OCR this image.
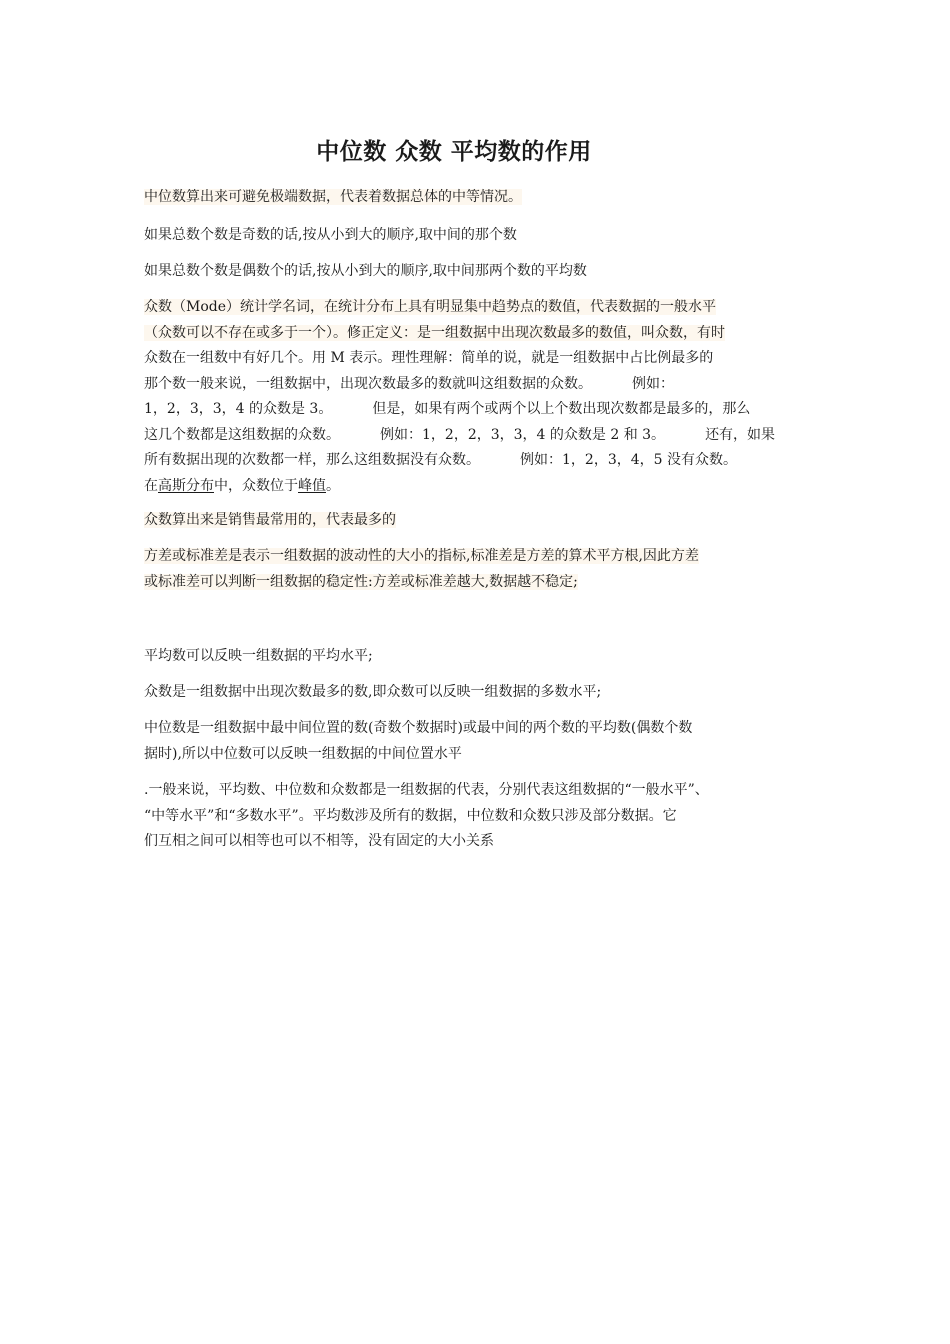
中位数 众数 平均数的作用

中位数算出来可避免极端数据，代表着数据总体的中等情况。

如果总数个数是奇数的话,按从小到大的顺序,取中间的那个数

如果总数个数是偶数个的话,按从小到大的顺序,取中间那两个数的平均数

众数（Mode）统计学名词，在统计分布上具有明显集中趋势点的数值，代表数据的一般水平
（众数可以不存在或多于一个）。修正定义：是一组数据中出现次数最多的数值，叫众数，有时
众数在一组数中有好几个。用 M 表示。理性理解：简单的说，就是一组数据中占比例最多的
那个数一般来说，一组数据中，出现次数最多的数就叫这组数据的众数。	例如：
1，2，3，3，4 的众数是 3。	但是，如果有两个或两个以上个数出现次数都是最多的，那么
这几个数都是这组数据的众数。	例如：1，2，2，3，3，4 的众数是 2 和 3。	还有，如果
所有数据出现的次数都一样，那么这组数据没有众数。	例如：1，2，3，4，5 没有众数。
在高斯分布中，众数位于峰值。

众数算出来是销售最常用的，代表最多的

方差或标准差是表示一组数据的波动性的大小的指标,标准差是方差的算术平方根,因此方差
或标准差可以判断一组数据的稳定性:方差或标准差越大,数据越不稳定;

平均数可以反映一组数据的平均水平;

众数是一组数据中出现次数最多的数,即众数可以反映一组数据的多数水平;

中位数是一组数据中最中间位置的数(奇数个数据时)或最中间的两个数的平均数(偶数个数
据时),所以中位数可以反映一组数据的中间位置水平
.一般来说，平均数、中位数和众数都是一组数据的代表，分别代表这组数据的“一般水平”、
“中等水平”和“多数水平”。平均数涉及所有的数据，中位数和众数只涉及部分数据。它
们互相之间可以相等也可以不相等，没有固定的大小关系
